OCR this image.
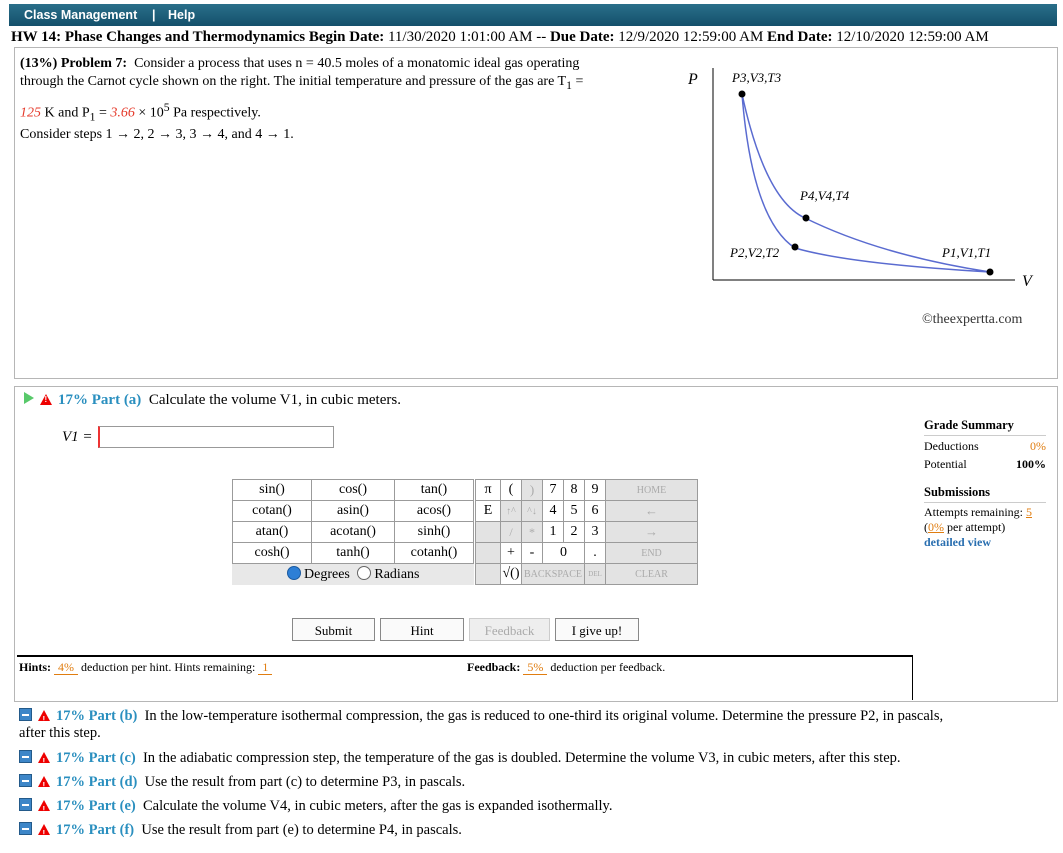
Class Management | Help
HW 14: Phase Changes and Thermodynamics Begin Date: 11/30/2020 1:01:00 AM -- Due Date: 12/9/2020 12:59:00 AM End Date: 12/10/2020 12:59:00 AM
(13%) Problem 7: Consider a process that uses n = 40.5 moles of a monatomic ideal gas operating
through the Carnot cycle shown on the right. The initial temperature and pressure of the gas are $T_1$ =
125 K and $P_1 = 3.66 \times 10^5$ Pa respectively.
Consider steps 1 → 2, 2 → 3, 3 → 4, and 4 → 1.
P
V
P3,V3,T3
P4,V4,T4
P2,V2,T2	P1,V1,T1
©theexpertta.com
!17% Part (a) Calculate the volume V1, in cubic meters.
V1 =
sin()	cos()	tan()
cotan()	asin()	acos()
atan()	acotan()	sinh()
cosh()	tanh()	cotanh()
Degrees Radians		
π	(	)	7	8	9	HOME
E	↑^	^↓	4	5	6	←
	/	*	1	2	3	→
	+	-	0		.	END
	√()	BACKSPACE			DEL	CLEAR
Submit	Hint	Feedback	I give up!
Hints: 4% deduction per hint. Hints remaining: 1	Feedback: 5% deduction per feedback.
Grade Summary
Deductions	0%
Potential	100%
Submissions
Attempts remaining: 5
(0% per attempt)
detailed view
!17% Part (b) In the low-temperature isothermal compression, the gas is reduced to one-third its original volume. Determine the pressure P2, in pascals,
after this step.
!17% Part (c) In the adiabatic compression step, the temperature of the gas is doubled. Determine the volume V3, in cubic meters, after this step.
!17% Part (d) Use the result from part (c) to determine P3, in pascals.
!17% Part (e) Calculate the volume V4, in cubic meters, after the gas is expanded isothermally.
!17% Part (f) Use the result from part (e) to determine P4, in pascals.
